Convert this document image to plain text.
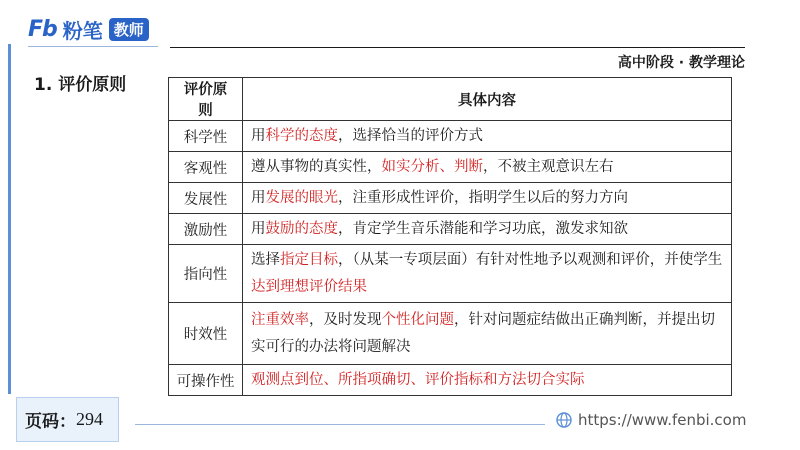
Fb 粉笔 教师
高中阶段 · 教学理论
1. 评价原则	评价原则	具体内容
科学性	用科学的态度，选择恰当的评价方式
客观性	遵从事物的真实性，如实分析、判断，不被主观意识左右
发展性	用发展的眼光，注重形成性评价，指明学生以后的努力方向
激励性	用鼓励的态度，肯定学生音乐潜能和学习功底，激发求知欲
指向性	选择指定目标，（从某一专项层面）有针对性地予以观测和评价，并使学生达到理想评价结果
时效性	注重效率，及时发现个性化问题，针对问题症结做出正确判断，并提出切实可行的办法将问题解决
可操作性	观测点到位、所指项确切、评价指标和方法切合实际
页码： 294	https://www.fenbi.com
